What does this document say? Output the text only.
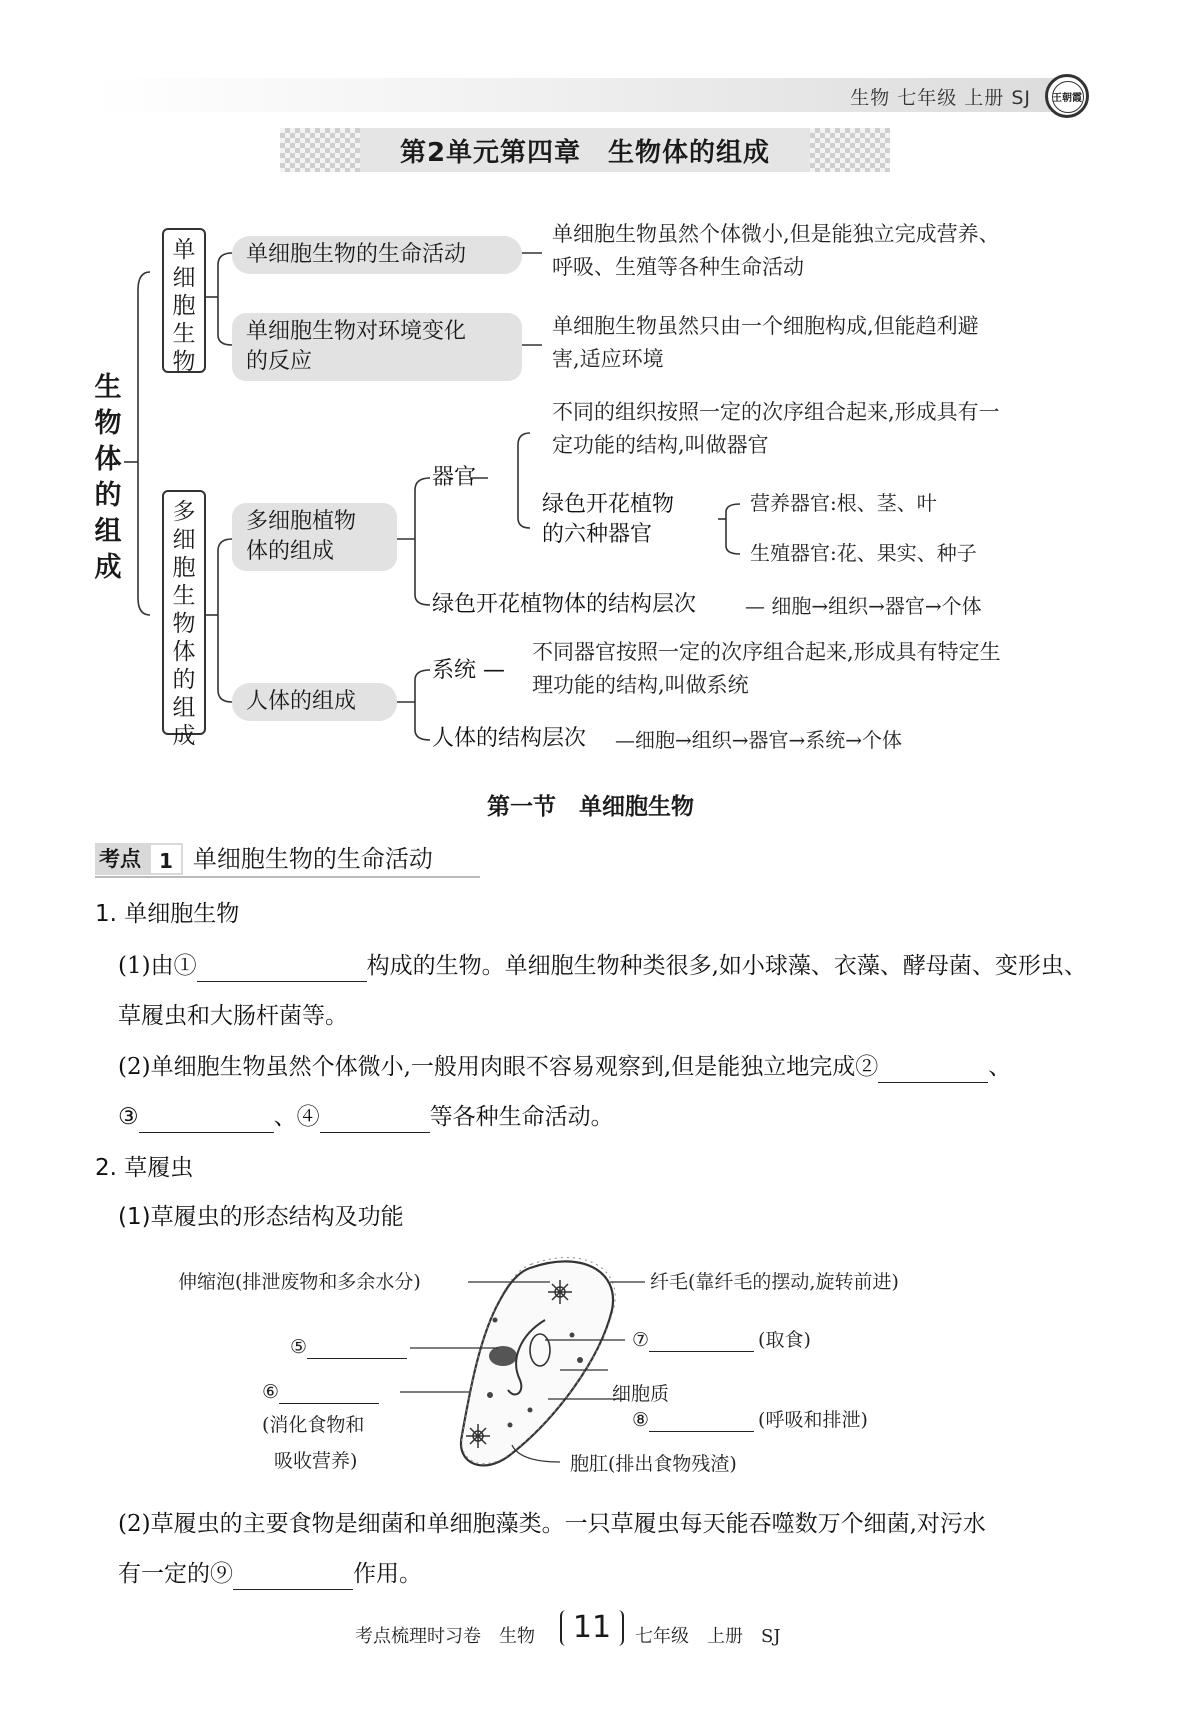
生物 七年级 上册 SJ 王朝霞
第2单元第四章　生物体的组成
生物体的组成
单细胞生物
单细胞生物的生命活动
单细胞生物虽然个体微小,但是能独立完成营养、
呼吸、生殖等各种生命活动
单细胞生物对环境变化
的反应
单细胞生物虽然只由一个细胞构成,但能趋利避
害,适应环境
多细胞生物体的组成
多细胞植物
体的组成
器官
不同的组织按照一定的次序组合起来,形成具有一
定功能的结构,叫做器官
绿色开花植物
的六种器官
营养器官:根、茎、叶
生殖器官:花、果实、种子
绿色开花植物体的结构层次 — 细胞→组织→器官→个体
人体的组成
系统 —
不同器官按照一定的次序组合起来,形成具有特定生
理功能的结构,叫做系统
人体的结构层次 —细胞→组织→器官→系统→个体
第一节　单细胞生物
考点 1 单细胞生物的生命活动
1. 单细胞生物
(1)由①	构成的生物。单细胞生物种类很多,如小球藻、衣藻、酵母菌、变形虫、
草履虫和大肠杆菌等。
(2)单细胞生物虽然个体微小,一般用肉眼不容易观察到,但是能独立地完成②	、
③	、④	等各种生命活动。
2. 草履虫
(1)草履虫的形态结构及功能
伸缩泡(排泄废物和多余水分)	纤毛(靠纤毛的摆动,旋转前进)
⑤
⑥
(消化食物和
吸收营养)
⑦	(取食)
细胞质
⑧	(呼吸和排泄)
胞肛(排出食物残渣)
(2)草履虫的主要食物是细菌和单细胞藻类。一只草履虫每天能吞噬数万个细菌,对污水
有一定的⑨	作用。
考点梳理时习卷　生物	11	七年级　上册　SJ
